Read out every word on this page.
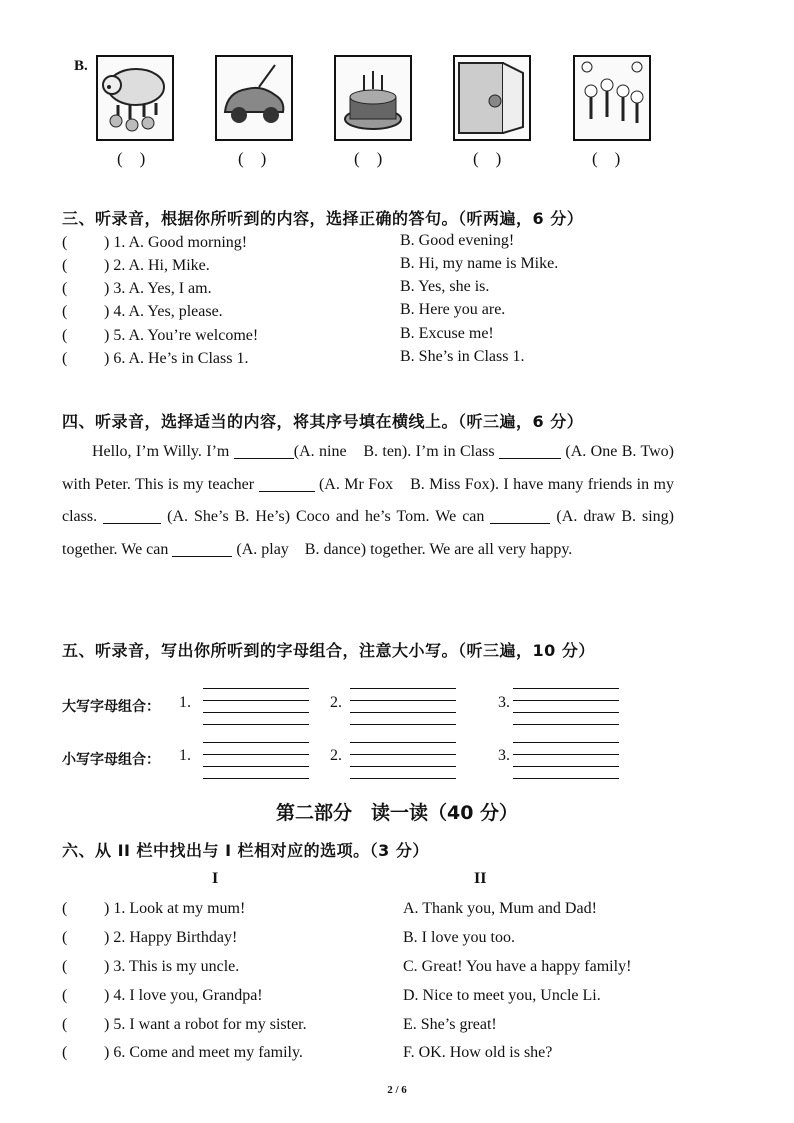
B.
(　)	(　)	(　)	(　)	(　)
三、听录音，根据你所听到的内容，选择正确的答句。（听两遍，6 分）
( ) 1. A. Good morning!	B. Good evening!
( ) 2. A. Hi, Mike.	B. Hi, my name is Mike.
( ) 3. A. Yes, I am.	B. Yes, she is.
( ) 4. A. Yes, please.	B. Here you are.
( ) 5. A. You’re welcome!	B. Excuse me!
( ) 6. A. He’s in Class 1.	B. She’s in Class 1.
四、听录音，选择适当的内容，将其序号填在横线上。（听三遍，6 分）
Hello, I’m Willy. I’m	(A. nine　B. ten). I’m in Class	(A. One B. Two) with Peter. This is my teacher	(A. Mr Fox　B. Miss Fox). I have many friends in my class.	(A. She’s B. He’s) Coco and he’s Tom. We can	(A. draw B. sing) together. We can	(A. play　B. dance) together. We are all very happy.
五、听录音，写出你所听到的字母组合，注意大小写。（听三遍，10 分）
大写字母组合： 1.	2.	3.
小写字母组合： 1.	2.	3.
第二部分　读一读（40 分）
六、从 II 栏中找出与 I 栏相对应的选项。（3 分）
I	II
( ) 1. Look at my mum!	A. Thank you, Mum and Dad!
( ) 2. Happy Birthday!	B. I love you too.
( ) 3. This is my uncle.	C. Great! You have a happy family!
( ) 4. I love you, Grandpa!	D. Nice to meet you, Uncle Li.
( ) 5. I want a robot for my sister.	E. She’s great!
( ) 6. Come and meet my family.	F. OK. How old is she?
2 / 6
